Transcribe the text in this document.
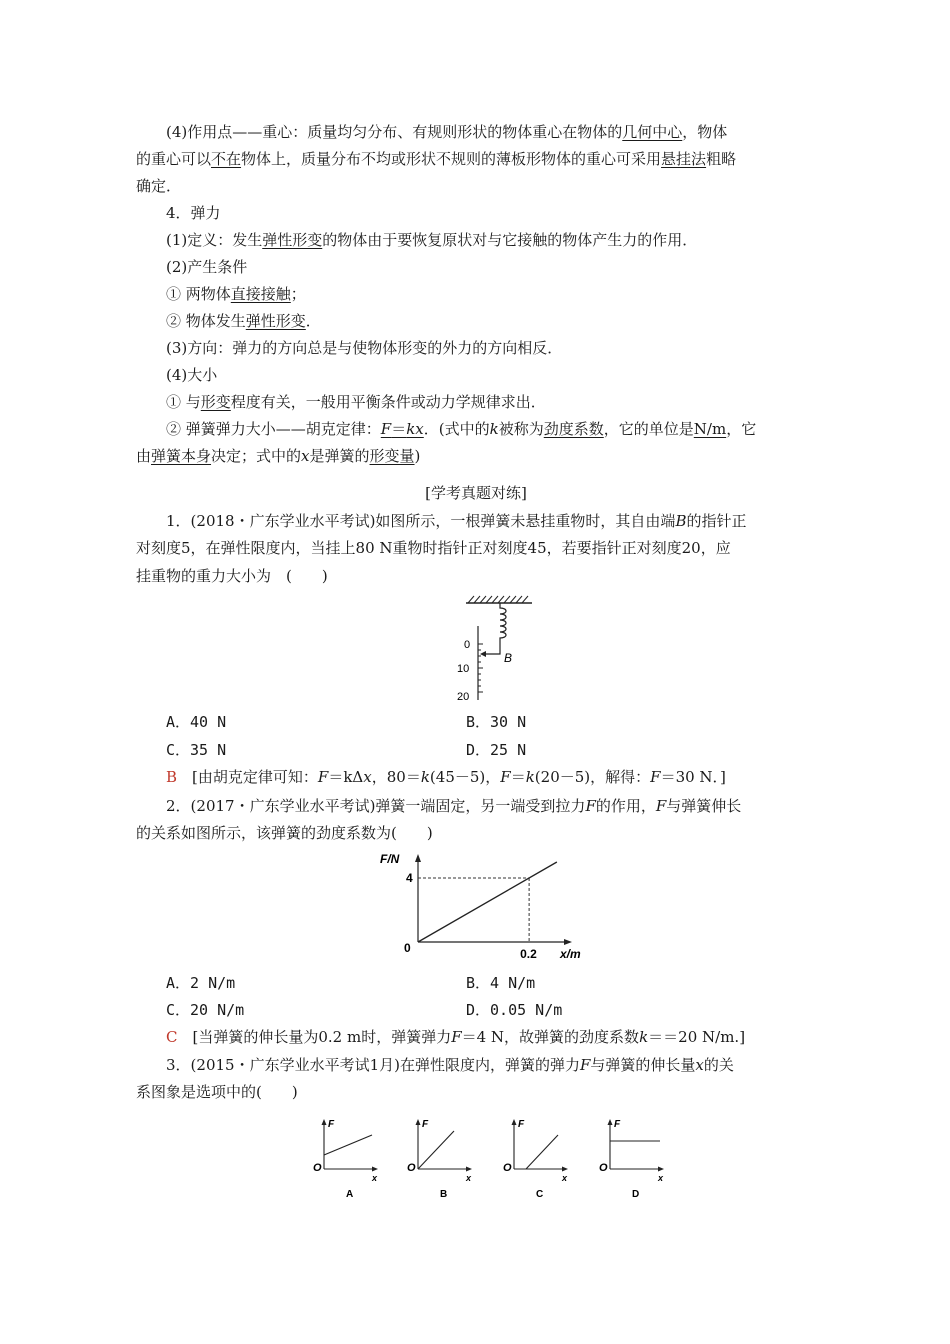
(4)作用点——重心：质量均匀分布、有规则形状的物体重心在物体的几何中心，物体
的重心可以不在物体上，质量分布不均或形状不规则的薄板形物体的重心可采用悬挂法粗略
确定．
4．弹力
(1)定义：发生弹性形变的物体由于要恢复原状对与它接触的物体产生力的作用．
(2)产生条件
① 两物体直接接触；
② 物体发生弹性形变．
(3)方向：弹力的方向总是与使物体形变的外力的方向相反．
(4)大小
① 与形变程度有关，一般用平衡条件或动力学规律求出．
② 弹簧弹力大小——胡克定律：F＝kx．(式中的k被称为劲度系数，它的单位是N/m，它
由弹簧本身决定；式中的x是弹簧的形变量)
[学考真题对练]
1．(2018・广东学业水平考试)如图所示，一根弹簧未悬挂重物时，其自由端B的指针正
对刻度5，在弹性限度内，当挂上80 N重物时指针正对刻度45，若要指针正对刻度20，应
挂重物的重力大小为　(　　)
0
10
20
B
A．40 N	B．30 N
C．35 N	D．25 N
B　 [由胡克定律可知：F＝kΔx，80＝k(45－5)，F＝k(20－5)，解得：F＝30 N．]
2．(2017・广东学业水平考试)弹簧一端固定，另一端受到拉力F的作用，F与弹簧伸长
的关系如图所示，该弹簧的劲度系数为(　　)
F/N
x/m
0
4
0.2
A．2 N/m	B．4 N/m
C．20 N/m	D．0.05 N/m
C　 [当弹簧的伸长量为0.2 m时，弹簧弹力F＝4 N，故弹簧的劲度系数k＝＝20 N/m.]
3．(2015・广东学业水平考试1月)在弹性限度内，弹簧的弹力F与弹簧的伸长量x的关
系图象是选项中的(　　)
F
O
x
A
F
O
x
B
F
O
x
C
F
O
x
D
